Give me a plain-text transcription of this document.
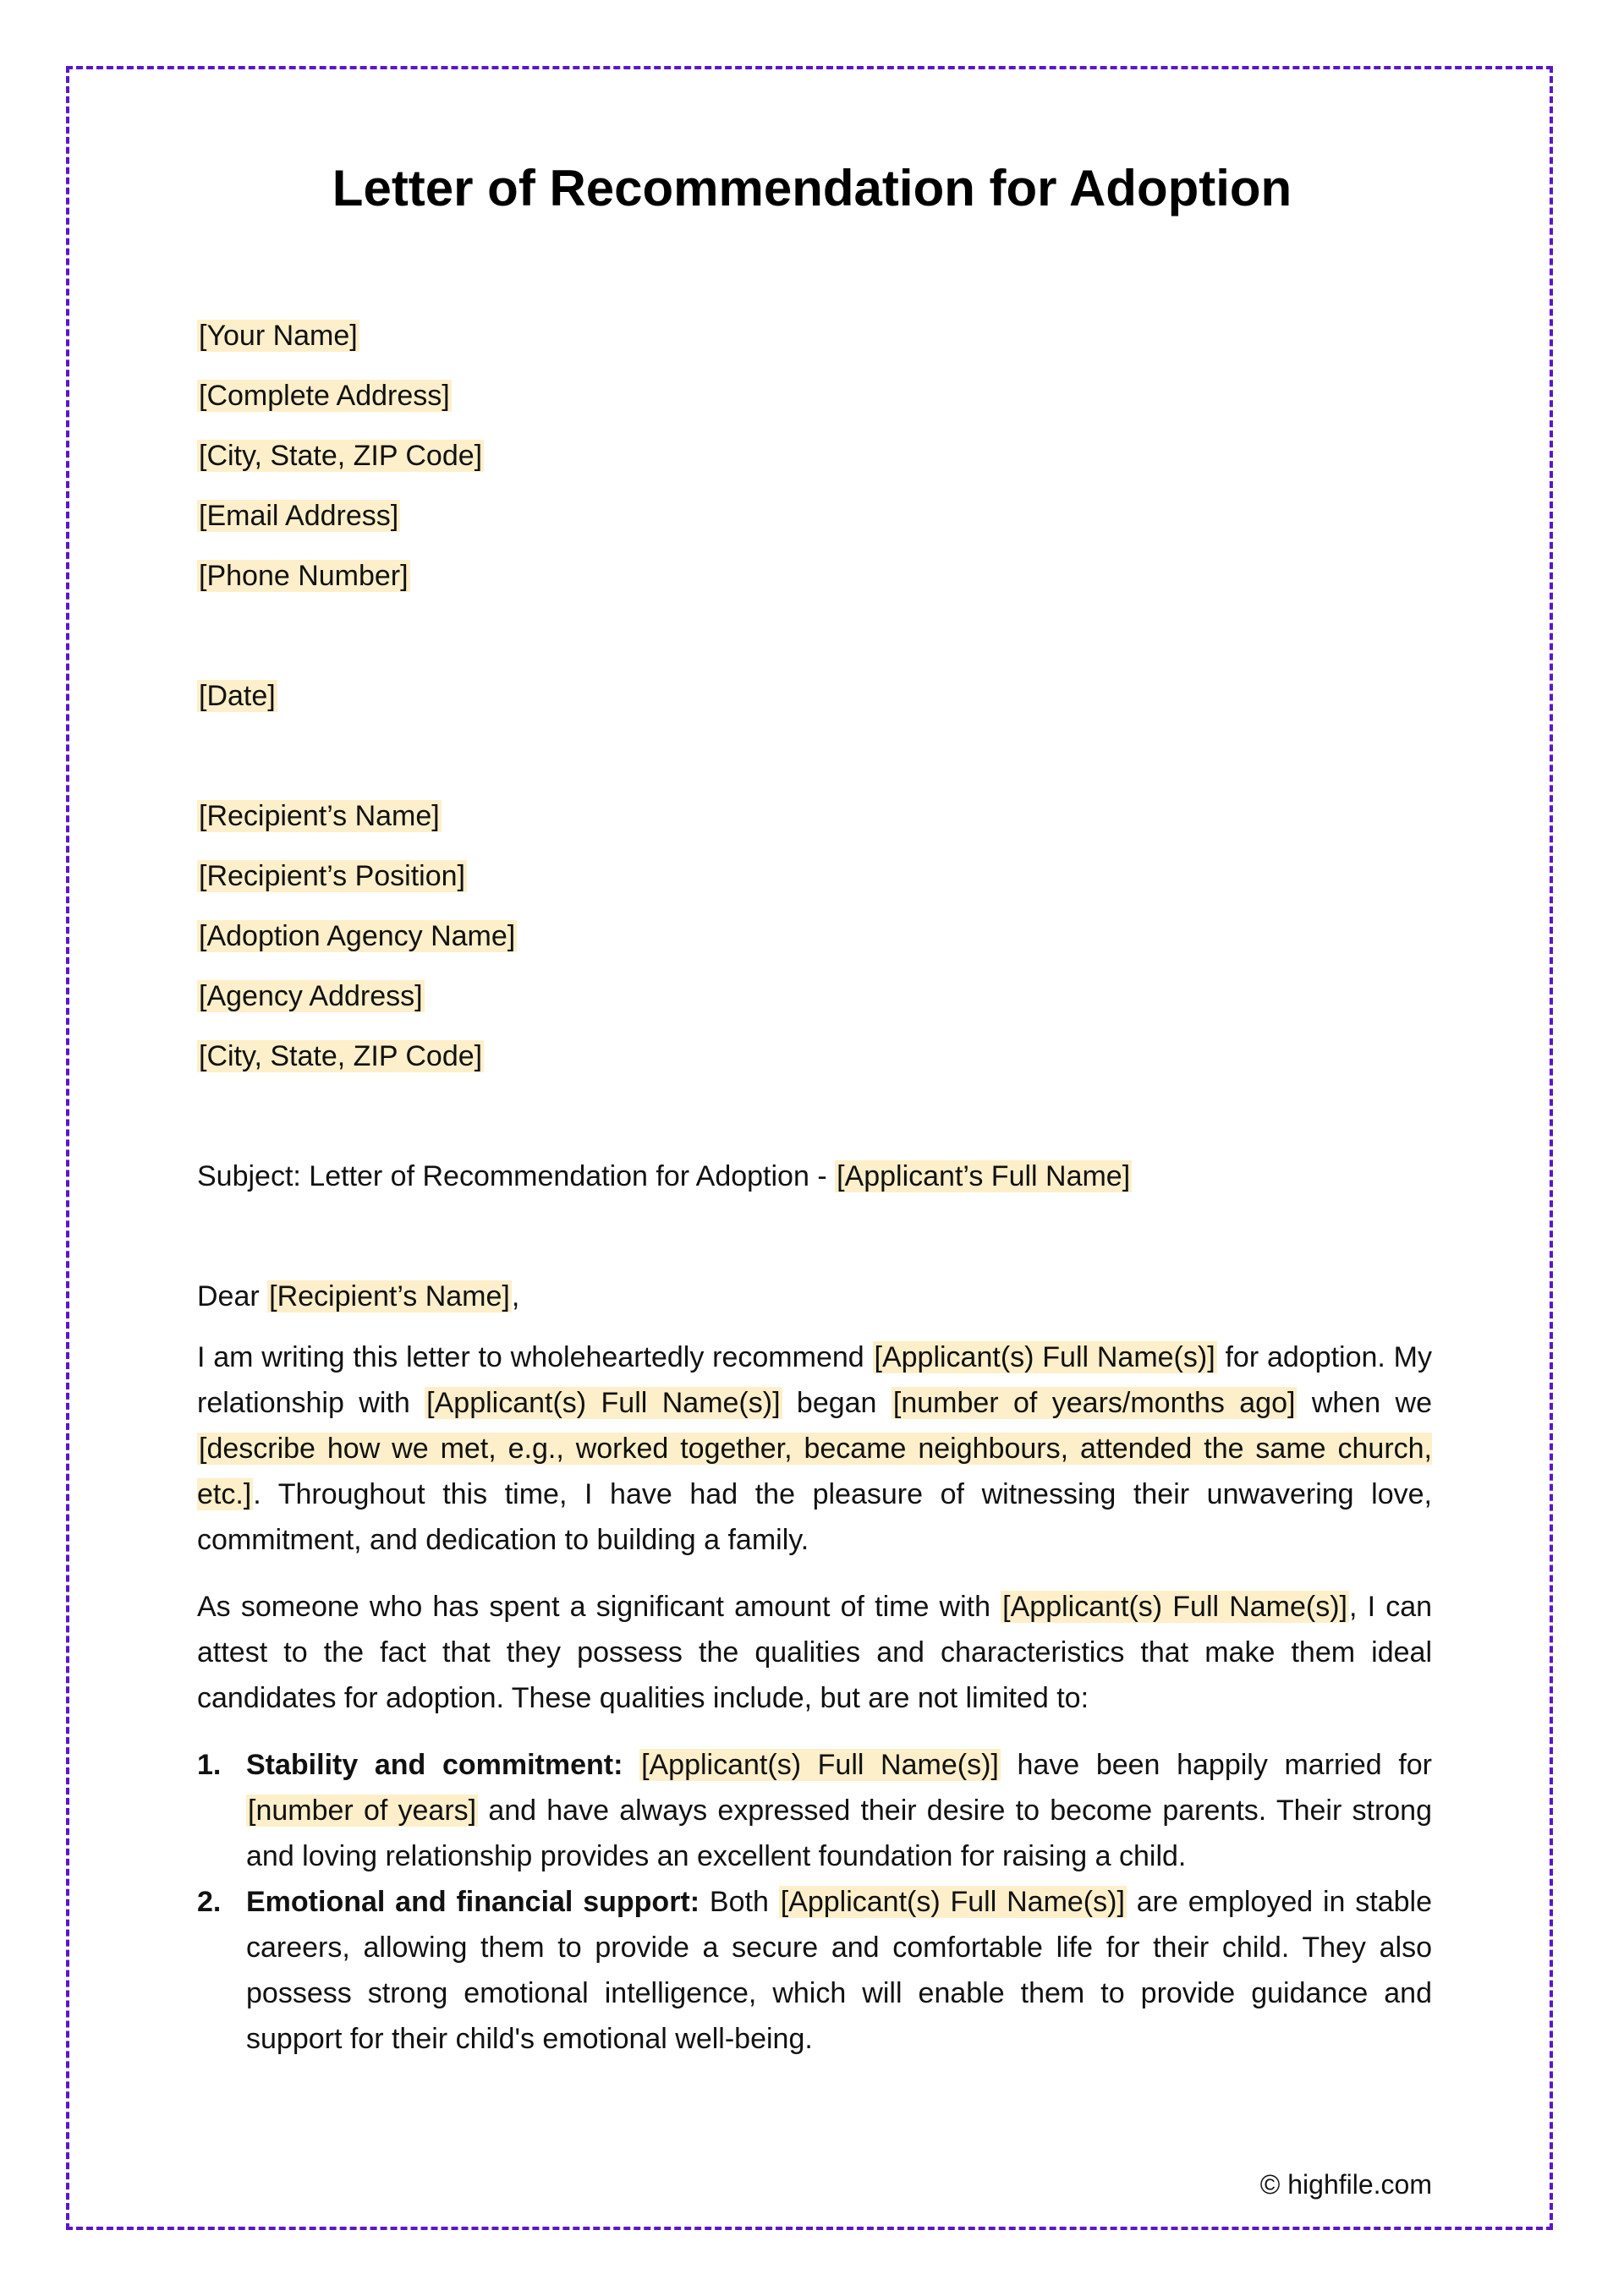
Letter of Recommendation for Adoption
[Your Name]
[Complete Address]
[City, State, ZIP Code]
[Email Address]
[Phone Number]
[Date]
[Recipient’s Name]
[Recipient’s Position]
[Adoption Agency Name]
[Agency Address]
[City, State, ZIP Code]
Subject: Letter of Recommendation for Adoption - [Applicant’s Full Name]
Dear [Recipient’s Name],

I am writing this letter to wholeheartedly recommend [Applicant(s) Full Name(s)] for adoption. My relationship with [Applicant(s) Full Name(s)] began [number of years/months ago] when we [describe how we met, e.g., worked together, became neighbours, attended the same church, etc.]. Throughout this time, I have had the pleasure of witnessing their unwavering love, commitment, and dedication to building a family.

As someone who has spent a significant amount of time with [Applicant(s) Full Name(s)], I can attest to the fact that they possess the qualities and characteristics that make them ideal candidates for adoption. These qualities include, but are not limited to:

1. Stability and commitment: [Applicant(s) Full Name(s)] have been happily married for [number of years] and have always expressed their desire to become parents. Their strong and loving relationship provides an excellent foundation for raising a child.
2. Emotional and financial support: Both [Applicant(s) Full Name(s)] are employed in stable careers, allowing them to provide a secure and comfortable life for their child. They also possess strong emotional intelligence, which will enable them to provide guidance and support for their child's emotional well-being.
© highfile.com
